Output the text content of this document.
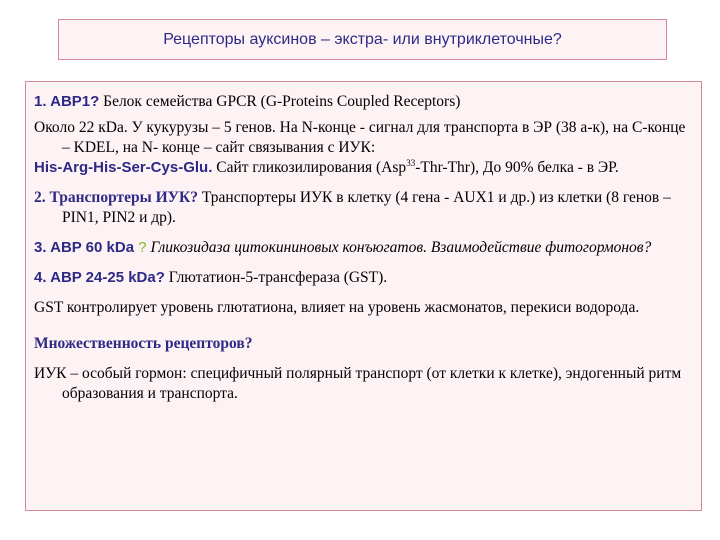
Рецепторы ауксинов – экстра- или внутриклеточные?

1. ABP1? Белок семейства GPCR (G-Proteins Coupled Receptors)

Около 22 кDа. У кукурузы – 5 генов. На N-конце - сигнал для транспорта в ЭР (38 а-к), на С-конце – KDEL, на N- конце – сайт связывания с ИУК:

His-Arg-His-Ser-Cys-Glu. Сайт гликозилирования (Asp$^{33}$-Thr-Thr), До 90% белка - в ЭР.

2. Транспортеры ИУК? Транспортеры ИУК в клетку (4 гена - AUX1 и др.) из клетки (8 генов – PIN1, PIN2 и др).

3. ABP 60 kDa ? Гликозидаза цитокининовых конъюгатов. Взаимодействие фитогормонов?

4. ABP 24-25 kDa? Глютатион-5-трансфераза (GST).

GST контролирует уровень глютатиона, влияет на уровень жасмонатов, перекиси водорода.

Множественность рецепторов?

ИУК – особый гормон: специфичный полярный транспорт (от клетки к клетке), эндогенный ритм образования и транспорта.
